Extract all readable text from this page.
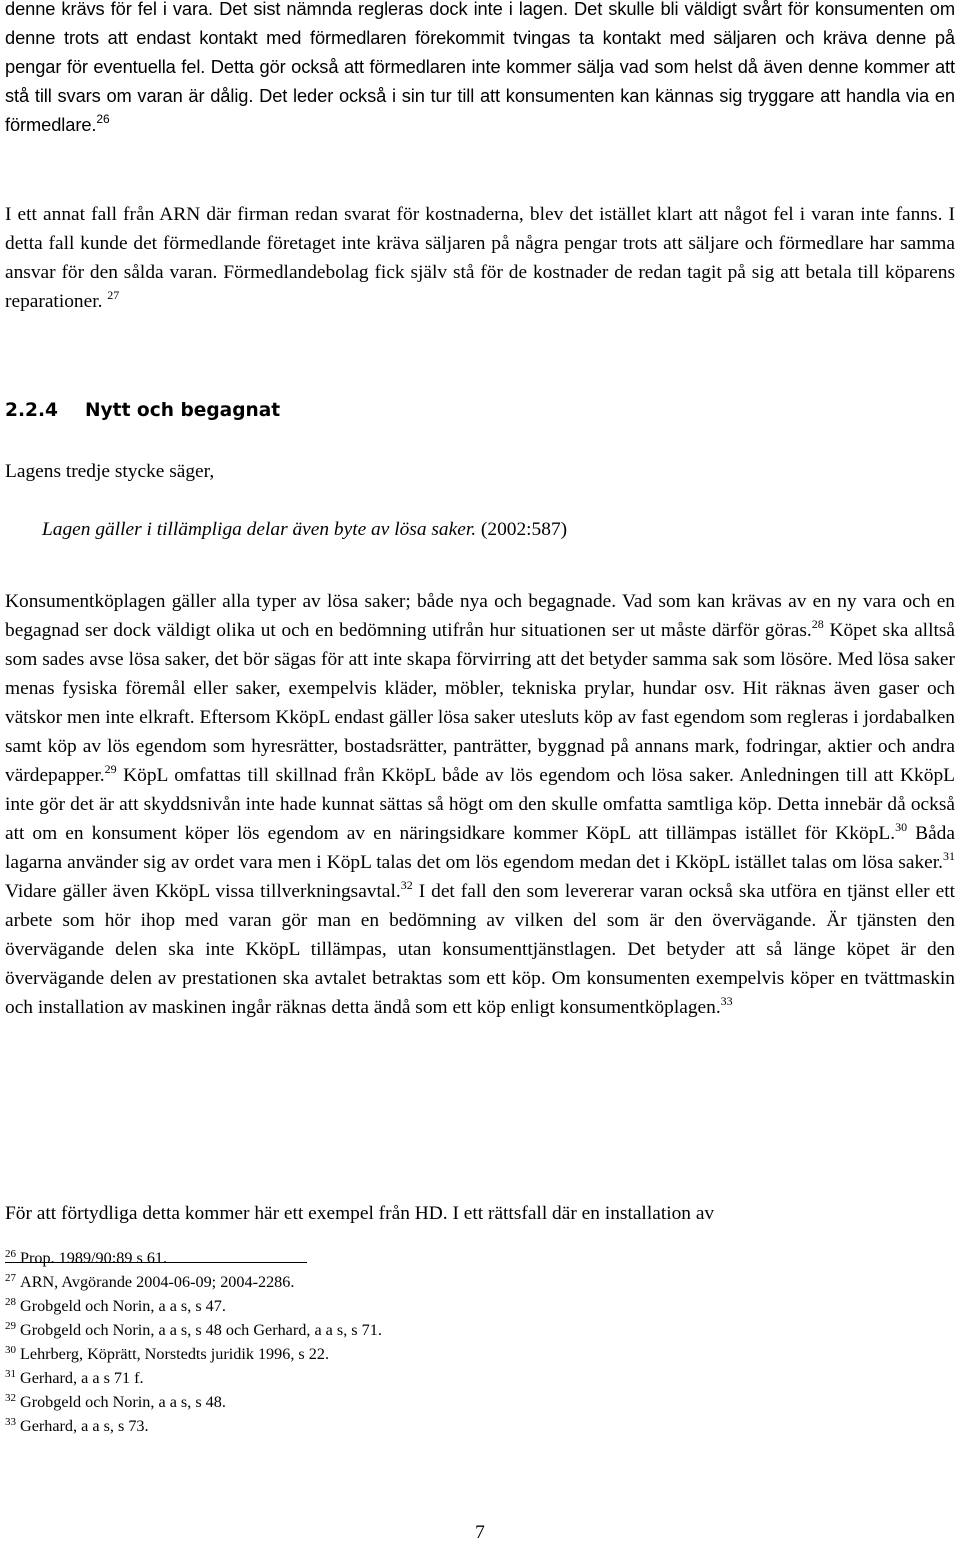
denne krävs för fel i vara. Det sist nämnda regleras dock inte i lagen. Det skulle bli väldigt svårt för konsumenten om denne trots att endast kontakt med förmedlaren förekommit tvingas ta kontakt med säljaren och kräva denne på pengar för eventuella fel. Detta gör också att förmedlaren inte kommer sälja vad som helst då även denne kommer att stå till svars om varan är dålig. Det leder också i sin tur till att konsumenten kan kännas sig tryggare att handla via en förmedlare.$^{26}$

I ett annat fall från ARN där firman redan svarat för kostnaderna, blev det istället klart att något fel i varan inte fanns. I detta fall kunde det förmedlande företaget inte kräva säljaren på några pengar trots att säljare och förmedlare har samma ansvar för den sålda varan. Förmedlandebolag fick själv stå för de kostnader de redan tagit på sig att betala till köparens reparationer. $^{27}$

2.2.4 Nytt och begagnat

Lagens tredje stycke säger,

Lagen gäller i tillämpliga delar även byte av lösa saker. (2002:587)

Konsumentköplagen gäller alla typer av lösa saker; både nya och begagnade. Vad som kan krävas av en ny vara och en begagnad ser dock väldigt olika ut och en bedömning utifrån hur situationen ser ut måste därför göras.$^{28}$ Köpet ska alltså som sades avse lösa saker, det bör sägas för att inte skapa förvirring att det betyder samma sak som lösöre. Med lösa saker menas fysiska föremål eller saker, exempelvis kläder, möbler, tekniska prylar, hundar osv. Hit räknas även gaser och vätskor men inte elkraft. Eftersom KköpL endast gäller lösa saker utesluts köp av fast egendom som regleras i jordabalken samt köp av lös egendom som hyresrätter, bostadsrätter, panträtter, byggnad på annans mark, fodringar, aktier och andra värdepapper.$^{29}$ KöpL omfattas till skillnad från KköpL både av lös egendom och lösa saker. Anledningen till att KköpL inte gör det är att skyddsnivån inte hade kunnat sättas så högt om den skulle omfatta samtliga köp. Detta innebär då också att om en konsument köper lös egendom av en näringsidkare kommer KöpL att tillämpas istället för KköpL.$^{30}$ Båda lagarna använder sig av ordet vara men i KöpL talas det om lös egendom medan det i KköpL istället talas om lösa saker.$^{31}$ Vidare gäller även KköpL vissa tillverkningsavtal.$^{32}$ I det fall den som levererar varan också ska utföra en tjänst eller ett arbete som hör ihop med varan gör man en bedömning av vilken del som är den övervägande. Är tjänsten den övervägande delen ska inte KköpL tillämpas, utan konsumenttjänstlagen. Det betyder att så länge köpet är den övervägande delen av prestationen ska avtalet betraktas som ett köp. Om konsumenten exempelvis köper en tvättmaskin och installation av maskinen ingår räknas detta ändå som ett köp enligt konsumentköplagen.$^{33}$

För att förtydliga detta kommer här ett exempel från HD. I ett rättsfall där en installation av

$^{26}$ Prop. 1989/90:89 s 61.
$^{27}$ ARN, Avgörande 2004-06-09; 2004-2286.
$^{28}$ Grobgeld och Norin, a a s, s 47.
$^{29}$ Grobgeld och Norin, a a s, s 48 och Gerhard, a a s, s 71.
$^{30}$ Lehrberg, Köprätt, Norstedts juridik 1996, s 22.
$^{31}$ Gerhard, a a s 71 f.
$^{32}$ Grobgeld och Norin, a a s, s 48.
$^{33}$ Gerhard, a a s, s 73.
7
